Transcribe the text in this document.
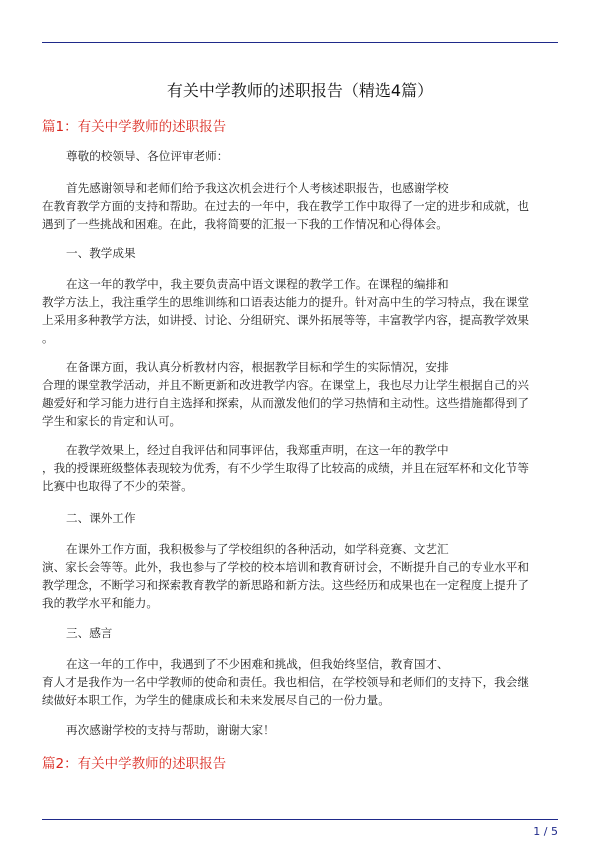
有关中学教师的述职报告（精选4篇）
篇1：有关中学教师的述职报告
尊敬的校领导、各位评审老师：
首先感谢领导和老师们给予我这次机会进行个人考核述职报告，也感谢学校
在教育教学方面的支持和帮助。在过去的一年中，我在教学工作中取得了一定的进步和成就，也
遇到了一些挑战和困难。在此，我将简要的汇报一下我的工作情况和心得体会。
一、教学成果
在这一年的教学中，我主要负责高中语文课程的教学工作。在课程的编排和
教学方法上，我注重学生的思维训练和口语表达能力的提升。针对高中生的学习特点，我在课堂
上采用多种教学方法，如讲授、讨论、分组研究、课外拓展等等，丰富教学内容，提高教学效果
。
在备课方面，我认真分析教材内容，根据教学目标和学生的实际情况，安排
合理的课堂教学活动，并且不断更新和改进教学内容。在课堂上，我也尽力让学生根据自己的兴
趣爱好和学习能力进行自主选择和探索，从而激发他们的学习热情和主动性。这些措施都得到了
学生和家长的肯定和认可。
在教学效果上，经过自我评估和同事评估，我郑重声明，在这一年的教学中
，我的授课班级整体表现较为优秀，有不少学生取得了比较高的成绩，并且在冠军杯和文化节等
比赛中也取得了不少的荣誉。
二、课外工作
在课外工作方面，我积极参与了学校组织的各种活动，如学科竞赛、文艺汇
演、家长会等等。此外，我也参与了学校的校本培训和教育研讨会，不断提升自己的专业水平和
教学理念，不断学习和探索教育教学的新思路和新方法。这些经历和成果也在一定程度上提升了
我的教学水平和能力。
三、感言
在这一年的工作中，我遇到了不少困难和挑战，但我始终坚信，教育国才、
育人才是我作为一名中学教师的使命和责任。我也相信，在学校领导和老师们的支持下，我会继
续做好本职工作，为学生的健康成长和未来发展尽自己的一份力量。
再次感谢学校的支持与帮助，谢谢大家！
篇2：有关中学教师的述职报告
1 / 5
